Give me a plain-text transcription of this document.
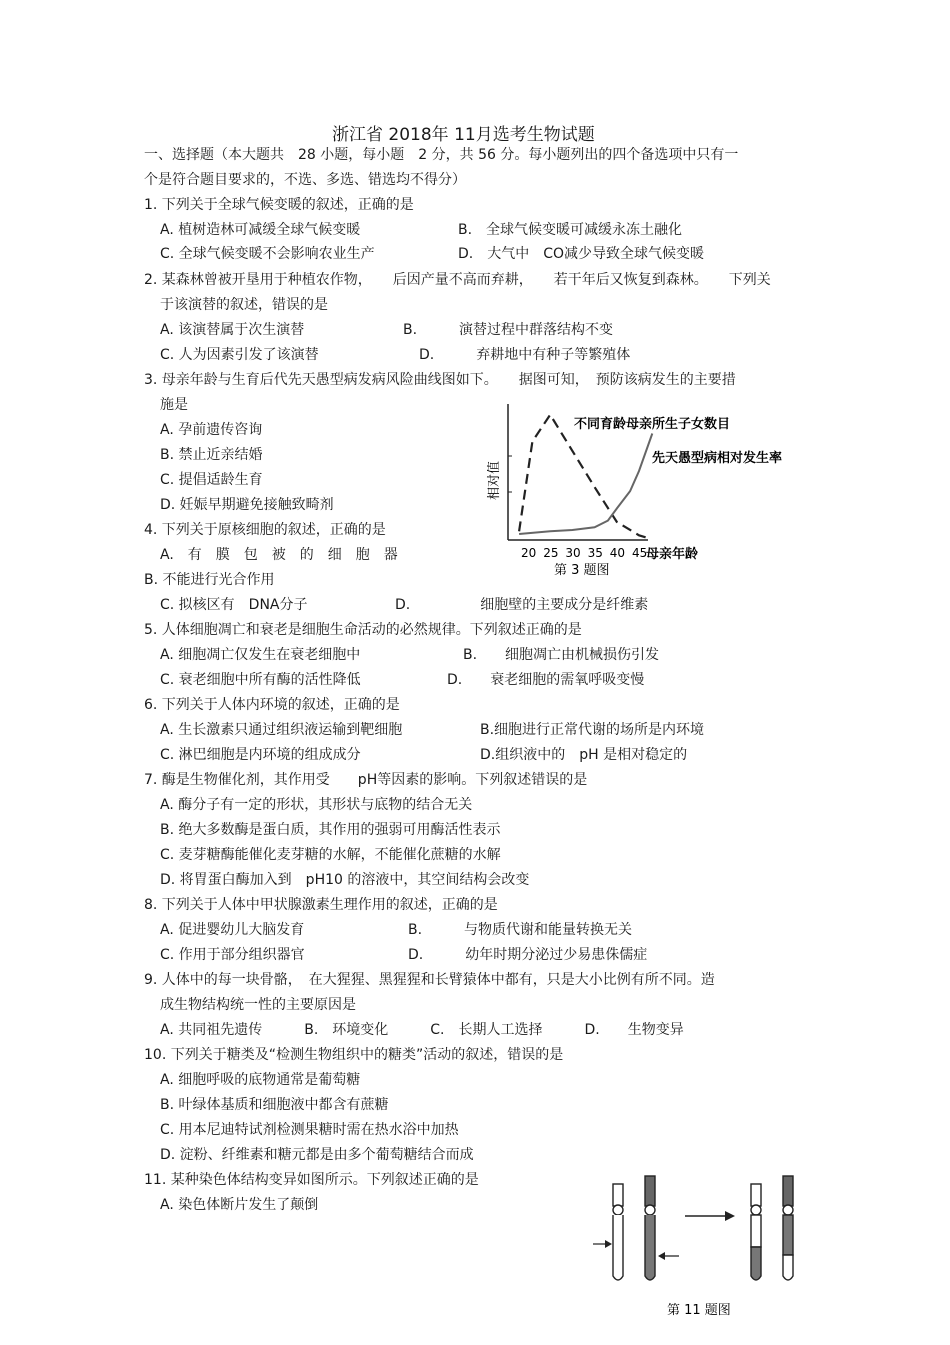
浙江省 2018年 11月选考生物试题
一、选择题（本大题共　28 小题，每小题　2 分，共 56 分。每小题列出的四个备选项中只有一
个是符合题目要求的，不选、多选、错选均不得分）
1. 下列关于全球气候变暖的叙述，正确的是
A. 植树造林可减缓全球气候变暖	B.　全球气候变暖可减缓永冻土融化
C. 全球气候变暖不会影响农业生产	D.　大气中　CO减少导致全球气候变暖
2. 某森林曾被开垦用于种植农作物，　　后因产量不高而弃耕，　　若干年后又恢复到森林。　　下列关
于该演替的叙述，错误的是
A. 该演替属于次生演替	B.　　　演替过程中群落结构不变
C. 人为因素引发了该演替	D.　　　弃耕地中有种子等繁殖体
3. 母亲年龄与生育后代先天愚型病发病风险曲线图如下。　　据图可知，　预防该病发生的主要措
施是
A. 孕前遗传咨询
B. 禁止近亲结婚
C. 提倡适龄生育
D. 妊娠早期避免接触致畸剂
相对值
20 25 30 35 40 45
不同育龄母亲所生子女数目
先天愚型病相对发生率
母亲年龄
第 3 题图
4. 下列关于原核细胞的叙述，正确的是
A.　有　膜　包　被　的　细　胞　器
B. 不能进行光合作用
C. 拟核区有　DNA分子	D.　　　　　细胞壁的主要成分是纤维素
5. 人体细胞凋亡和衰老是细胞生命活动的必然规律。下列叙述正确的是
A. 细胞凋亡仅发生在衰老细胞中	B.　　细胞凋亡由机械损伤引发
C. 衰老细胞中所有酶的活性降低	D.　　衰老细胞的需氧呼吸变慢
6. 下列关于人体内环境的叙述，正确的是
A. 生长激素只通过组织液运输到靶细胞	B.细胞进行正常代谢的场所是内环境
C. 淋巴细胞是内环境的组成成分	D.组织液中的　pH 是相对稳定的
7. 酶是生物催化剂，其作用受　　pH等因素的影响。下列叙述错误的是
A. 酶分子有一定的形状，其形状与底物的结合无关
B. 绝大多数酶是蛋白质，其作用的强弱可用酶活性表示
C. 麦芽糖酶能催化麦芽糖的水解，不能催化蔗糖的水解
D. 将胃蛋白酶加入到　pH10 的溶液中，其空间结构会改变
8. 下列关于人体中甲状腺激素生理作用的叙述，正确的是
A. 促进婴幼儿大脑发育	B.　　　与物质代谢和能量转换无关
C. 作用于部分组织器官	D.　　　幼年时期分泌过少易患侏儒症
9. 人体中的每一块骨骼，　在大猩猩、黑猩猩和长臂猿体中都有，只是大小比例有所不同。造
成生物结构统一性的主要原因是
A. 共同祖先遗传　　　B.　环境变化　　　C.　长期人工选择　　　D.　　生物变异
10. 下列关于糖类及“检测生物组织中的糖类”活动的叙述，错误的是
A. 细胞呼吸的底物通常是葡萄糖
B. 叶绿体基质和细胞液中都含有蔗糖
C. 用本尼迪特试剂检测果糖时需在热水浴中加热
D. 淀粉、纤维素和糖元都是由多个葡萄糖结合而成
11. 某种染色体结构变异如图所示。下列叙述正确的是
A. 染色体断片发生了颠倒
第 11 题图
